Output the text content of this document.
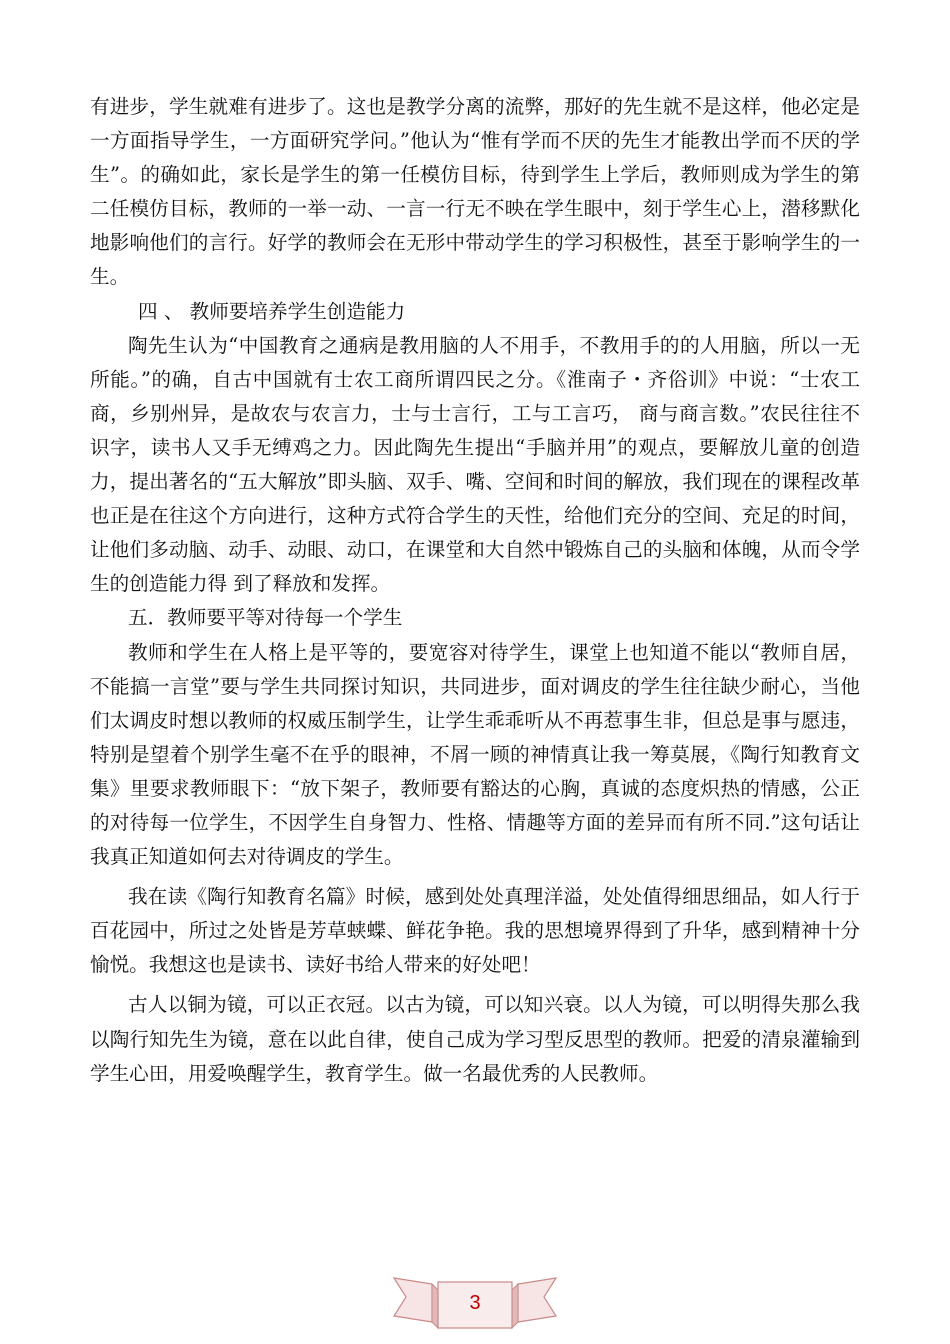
有进步，学生就难有进步了。这也是教学分离的流弊，那好的先生就不是这样，他必定是一方面指导学生，一方面研究学问。”他认为“惟有学而不厌的先生才能教出学而不厌的学生”。的确如此，家长是学生的第一任模仿目标，待到学生上学后，教师则成为学生的第二任模仿目标，教师的一举一动、一言一行无不映在学生眼中，刻于学生心上，潜移默化地影响他们的言行。好学的教师会在无形中带动学生的学习积极性，甚至于影响学生的一生。

四 、 教师要培养学生创造能力

陶先生认为“中国教育之通病是教用脑的人不用手，不教用手的的人用脑，所以一无所能。”的确，自古中国就有士农工商所谓四民之分。《淮南子・齐俗训》中说：“士农工商，乡别州异，是故农与农言力，士与士言行，工与工言巧， 商与商言数。”农民往往不识字，读书人又手无缚鸡之力。因此陶先生提出“手脑并用”的观点，要解放儿童的创造力，提出著名的“五大解放”即头脑、双手、嘴、空间和时间的解放，我们现在的课程改革也正是在往这个方向进行，这种方式符合学生的天性，给他们充分的空间、充足的时间，让他们多动脑、动手、动眼、动口，在课堂和大自然中锻炼自己的头脑和体魄，从而令学生的创造能力得 到了释放和发挥。

五．教师要平等对待每一个学生

教师和学生在人格上是平等的，要宽容对待学生，课堂上也知道不能以“教师自居，不能搞一言堂”要与学生共同探讨知识，共同进步，面对调皮的学生往往缺少耐心，当他们太调皮时想以教师的权威压制学生，让学生乖乖听从不再惹事生非，但总是事与愿违，特别是望着个别学生毫不在乎的眼神，不屑一顾的神情真让我一筹莫展，《陶行知教育文集》里要求教师眼下：“放下架子，教师要有豁达的心胸，真诚的态度炽热的情感，公正的对待每一位学生，不因学生自身智力、性格、情趣等方面的差异而有所不同.”这句话让我真正知道如何去对待调皮的学生。

我在读《陶行知教育名篇》时候，感到处处真理洋溢，处处值得细思细品，如人行于百花园中，所过之处皆是芳草蛱蝶、鲜花争艳。我的思想境界得到了升华，感到精神十分愉悦。我想这也是读书、读好书给人带来的好处吧！

古人以铜为镜，可以正衣冠。以古为镜，可以知兴衰。以人为镜，可以明得失那么我以陶行知先生为镜，意在以此自律，使自己成为学习型反思型的教师。把爱的清泉灌输到学生心田，用爱唤醒学生，教育学生。做一名最优秀的人民教师。

3
